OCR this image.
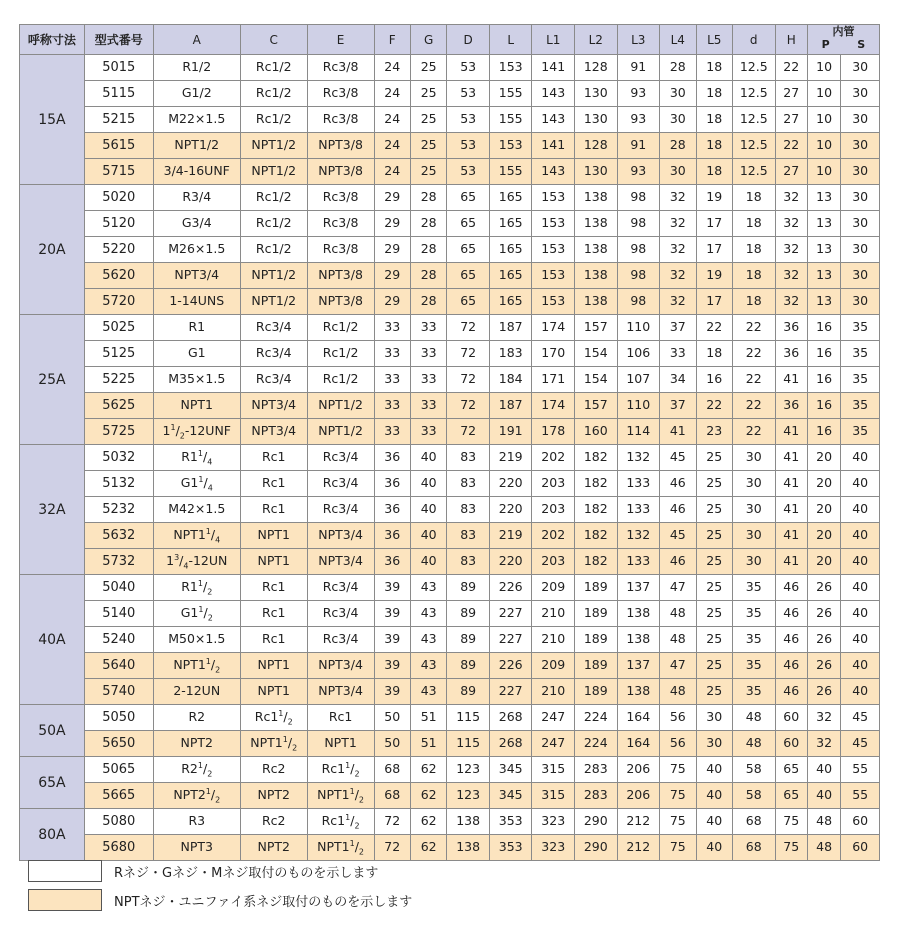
呼称寸法	型式番号	A	C	E	F	G	D	L	L1	L2	L3	L4	L5	d	H	内管
P S	

15A	5015	R1/2	Rc1/2	Rc3/8	24	25	53	153	141	128	91	28	18	12.5	22	10	30
	5115	G1/2	Rc1/2	Rc3/8	24	25	53	155	143	130	93	30	18	12.5	27	10	30
	5215	M22×1.5	Rc1/2	Rc3/8	24	25	53	155	143	130	93	30	18	12.5	27	10	30
	5615	NPT1/2	NPT1/2	NPT3/8	24	25	53	153	141	128	91	28	18	12.5	22	10	30
	5715	3/4-16UNF	NPT1/2	NPT3/8	24	25	53	155	143	130	93	30	18	12.5	27	10	30
20A	5020	R3/4	Rc1/2	Rc3/8	29	28	65	165	153	138	98	32	19	18	32	13	30
	5120	G3/4	Rc1/2	Rc3/8	29	28	65	165	153	138	98	32	17	18	32	13	30
	5220	M26×1.5	Rc1/2	Rc3/8	29	28	65	165	153	138	98	32	17	18	32	13	30
	5620	NPT3/4	NPT1/2	NPT3/8	29	28	65	165	153	138	98	32	19	18	32	13	30
	5720	1-14UNS	NPT1/2	NPT3/8	29	28	65	165	153	138	98	32	17	18	32	13	30
25A	5025	R1	Rc3/4	Rc1/2	33	33	72	187	174	157	110	37	22	22	36	16	35
	5125	G1	Rc3/4	Rc1/2	33	33	72	183	170	154	106	33	18	22	36	16	35
	5225	M35×1.5	Rc3/4	Rc1/2	33	33	72	184	171	154	107	34	16	22	41	16	35
	5625	NPT1	NPT3/4	NPT1/2	33	33	72	187	174	157	110	37	22	22	36	16	35
	5725	$1^1/_2-12UNF$	NPT3/4	NPT1/2	33	33	72	191	178	160	114	41	23	22	41	16	35
32A	5032	$R1^1/_4$	Rc1	Rc3/4	36	40	83	219	202	182	132	45	25	30	41	20	40
	5132	$G1^1/_4$	Rc1	Rc3/4	36	40	83	220	203	182	133	46	25	30	41	20	40
	5232	M42×1.5	Rc1	Rc3/4	36	40	83	220	203	182	133	46	25	30	41	20	40
	5632	$NPT1^1/_4$	NPT1	NPT3/4	36	40	83	219	202	182	132	45	25	30	41	20	40
	5732	$1^3/_4-12UN$	NPT1	NPT3/4	36	40	83	220	203	182	133	46	25	30	41	20	40
40A	5040	$R1^1/_2$	Rc1	Rc3/4	39	43	89	226	209	189	137	47	25	35	46	26	40
	5140	$G1^1/_2$	Rc1	Rc3/4	39	43	89	227	210	189	138	48	25	35	46	26	40
	5240	M50×1.5	Rc1	Rc3/4	39	43	89	227	210	189	138	48	25	35	46	26	40
	5640	$NPT1^1/_2$	NPT1	NPT3/4	39	43	89	226	209	189	137	47	25	35	46	26	40
	5740	2-12UN	NPT1	NPT3/4	39	43	89	227	210	189	138	48	25	35	46	26	40
50A	5050	R2	$Rc1^1/_2$	Rc1	50	51	115	268	247	224	164	56	30	48	60	32	45
	5650	NPT2	$NPT1^1/_2$	NPT1	50	51	115	268	247	224	164	56	30	48	60	32	45
65A	5065	$R2^1/_2$	Rc2	$Rc1^1/_2$	68	62	123	345	315	283	206	75	40	58	65	40	55
	5665	$NPT2^1/_2$	NPT2	$NPT1^1/_2$	68	62	123	345	315	283	206	75	40	58	65	40	55
80A	5080	R3	Rc2	$Rc1^1/_2$	72	62	138	353	323	290	212	75	40	68	75	48	60
	5680	NPT3	NPT2	$NPT1^1/_2$	72	62	138	353	323	290	212	75	40	68	75	48	60
Rネジ・Gネジ・Mネジ取付のものを示します
NPTネジ・ユニファイ系ネジ取付のものを示します
